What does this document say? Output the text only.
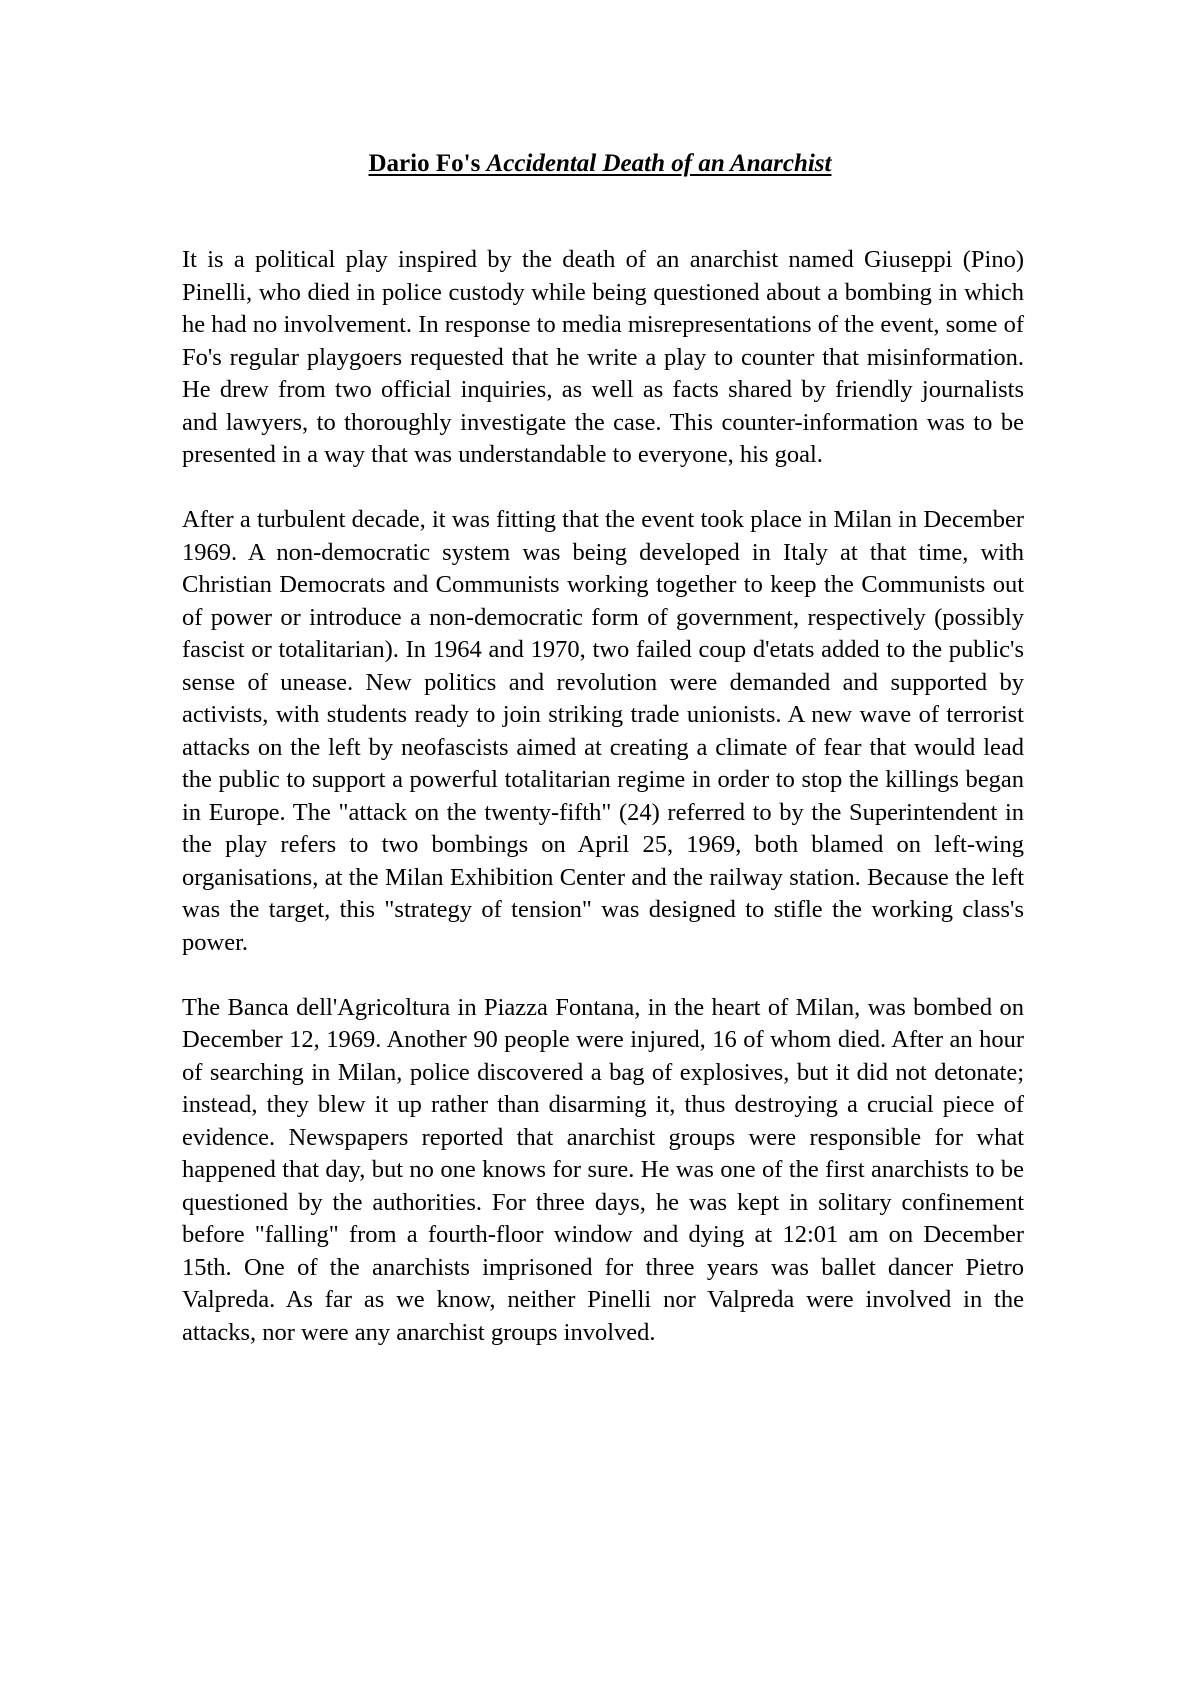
Dario Fo's Accidental Death of an Anarchist

It is a political play inspired by the death of an anarchist named Giuseppi (Pino) Pinelli, who died in police custody while being questioned about a bombing in which he had no involvement. In response to media misrepresentations of the event, some of Fo's regular playgoers requested that he write a play to counter that misinformation. He drew from two official inquiries, as well as facts shared by friendly journalists and lawyers, to thoroughly investigate the case. This counter-information was to be presented in a way that was understandable to everyone, his goal.

After a turbulent decade, it was fitting that the event took place in Milan in December 1969. A non-democratic system was being developed in Italy at that time, with Christian Democrats and Communists working together to keep the Communists out of power or introduce a non-democratic form of government, respectively (possibly fascist or totalitarian). In 1964 and 1970, two failed coup d'etats added to the public's sense of unease. New politics and revolution were demanded and supported by activists, with students ready to join striking trade unionists. A new wave of terrorist attacks on the left by neofascists aimed at creating a climate of fear that would lead the public to support a powerful totalitarian regime in order to stop the killings began in Europe. The "attack on the twenty-fifth" (24) referred to by the Superintendent in the play refers to two bombings on April 25, 1969, both blamed on left-wing organisations, at the Milan Exhibition Center and the railway station. Because the left was the target, this "strategy of tension" was designed to stifle the working class's power.

The Banca dell'Agricoltura in Piazza Fontana, in the heart of Milan, was bombed on December 12, 1969. Another 90 people were injured, 16 of whom died. After an hour of searching in Milan, police discovered a bag of explosives, but it did not detonate; instead, they blew it up rather than disarming it, thus destroying a crucial piece of evidence. Newspapers reported that anarchist groups were responsible for what happened that day, but no one knows for sure. He was one of the first anarchists to be questioned by the authorities. For three days, he was kept in solitary confinement before "falling" from a fourth-floor window and dying at 12:01 am on December 15th. One of the anarchists imprisoned for three years was ballet dancer Pietro Valpreda. As far as we know, neither Pinelli nor Valpreda were involved in the attacks, nor were any anarchist groups involved.
